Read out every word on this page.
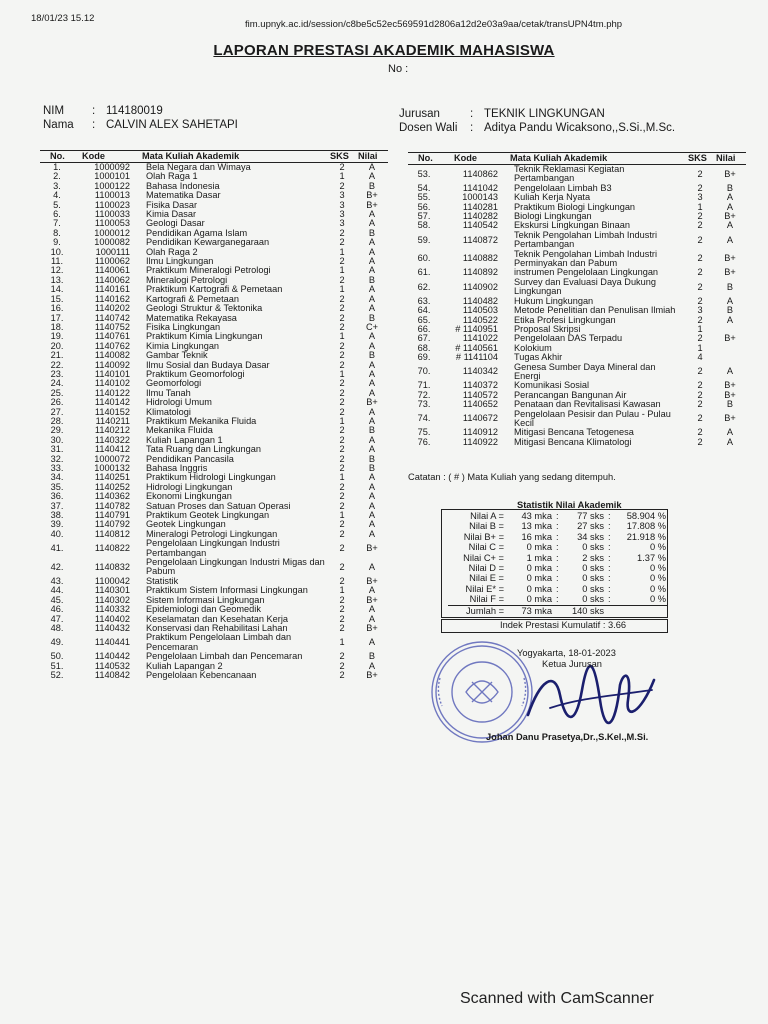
18/01/23 15.12
fim.upnyk.ac.id/session/c8be5c52ec569591d2806a12d2e03a9aa/cetak/transUPN4tm.php
LAPORAN PRESTASI AKADEMIK MAHASISWA
No :
NIM : 114180019
Nama : CALVIN ALEX SAHETAPI
Jurusan	: TEKNIK LINGKUNGAN
Dosen Wali : Aditya Pandu Wicaksono,,S.Si.,M.Sc.
No.	Kode	Mata Kuliah Akademik	SKS	Nilai
1.	1000092	Bela Negara dan Wimaya	2	A
2.	1000101	Olah Raga 1	1	A
3.	1000122	Bahasa Indonesia	2	B
4.	1100013	Matematika Dasar	3	B+
5.	1100023	Fisika Dasar	3	B+
6.	1100033	Kimia Dasar	3	A
7.	1100053	Geologi Dasar	3	A
8.	1000012	Pendidikan Agama Islam	2	B
9.	1000082	Pendidikan Kewarganegaraan	2	A
10.	1000111	Olah Raga 2	1	A
11.	1100062	Ilmu Lingkungan	2	A
12.	1140061	Praktikum Mineralogi Petrologi	1	A
13.	1140062	Mineralogi Petrologi	2	B
14.	1140161	Praktikum Kartografi & Pemetaan	1	A
15.	1140162	Kartografi & Pemetaan	2	A
16.	1140202	Geologi Struktur & Tektonika	2	A
17.	1140742	Matematika Rekayasa	2	B
18.	1140752	Fisika Lingkungan	2	C+
19.	1140761	Praktikum Kimia Lingkungan	1	A
20.	1140762	Kimia Lingkungan	2	A
21.	1140082	Gambar Teknik	2	B
22.	1140092	Ilmu Sosial dan Budaya Dasar	2	A
23.	1140101	Praktikum Geomorfologi	1	A
24.	1140102	Geomorfologi	2	A
25.	1140122	Ilmu Tanah	2	A
26.	1140142	Hidrologi Umum	2	B+
27.	1140152	Klimatologi	2	A
28.	1140211	Praktikum Mekanika Fluida	1	A
29.	1140212	Mekanika Fluida	2	B
30.	1140322	Kuliah Lapangan 1	2	A
31.	1140412	Tata Ruang dan Lingkungan	2	A
32.	1000072	Pendidikan Pancasila	2	B
33.	1000132	Bahasa Inggris	2	B
34.	1140251	Praktikum Hidrologi Lingkungan	1	A
35.	1140252	Hidrologi Lingkungan	2	A
36.	1140362	Ekonomi Lingkungan	2	A
37.	1140782	Satuan Proses dan Satuan Operasi	2	A
38.	1140791	Praktikum Geotek Lingkungan	1	A
39.	1140792	Geotek Lingkungan	2	A
40.	1140812	Mineralogi Petrologi Lingkungan	2	A
41.	1140822	Pengelolaan Lingkungan Industri Pertambangan	2	B+
42.	1140832	Pengelolaan Lingkungan Industri Migas dan Pabum	2	A
43.	1100042	Statistik	2	B+
44.	1140301	Praktikum Sistem Informasi Lingkungan	1	A
45.	1140302	Sistem Informasi Lingkungan	2	B+
46.	1140332	Epidemiologi dan Geomedik	2	A
47.	1140402	Keselamatan dan Kesehatan Kerja	2	A
48.	1140432	Konservasi dan Rehabilitasi Lahan	2	B+
49.	1140441	Praktikum Pengelolaan Limbah dan Pencemaran	1	A
50.	1140442	Pengelolaan Limbah dan Pencemaran	2	B
51.	1140532	Kuliah Lapangan 2	2	A
52.	1140842	Pengelolaan Kebencanaan	2	B+
No.	Kode	Mata Kuliah Akademik	SKS	Nilai
53.	1140862	Teknik Reklamasi Kegiatan Pertambangan	2	B+
54.	1141042	Pengelolaan Limbah B3	2	B
55.	1000143	Kuliah Kerja Nyata	3	A
56.	1140281	Praktikum Biologi Lingkungan	1	A
57.	1140282	Biologi Lingkungan	2	B+
58.	1140542	Ekskursi Lingkungan Binaan	2	A
59.	1140872	Teknik Pengolahan Limbah Industri Pertambangan	2	A
60.	1140882	Teknik Pengolahan Limbah Industri Perminyakan dan Pabum	2	B+
61.	1140892	instrumen Pengelolaan Lingkungan	2	B+
62.	1140902	Survey dan Evaluasi Daya Dukung Lingkungan	2	B
63.	1140482	Hukum Lingkungan	2	A
64.	1140503	Metode Penelitian dan Penulisan Ilmiah	3	B
65.	1140522	Etika Profesi Lingkungan	2	A
66.	# 1140951	Proposal Skripsi	1	
67.	1141022	Pengelolaan DAS Terpadu	2	B+
68.	# 1140561	Kolokium	1	
69.	# 1141104	Tugas Akhir	4	
70.	1140342	Genesa Sumber Daya Mineral dan Energi	2	A
71.	1140372	Komunikasi Sosial	2	B+
72.	1140572	Perancangan Bangunan Air	2	B+
73.	1140652	Penataan dan Revitalisasi Kawasan	2	B
74.	1140672	Pengelolaan Pesisir dan Pulau - Pulau Kecil	2	B+
75.	1140912	Mitigasi Bencana Tetogenesa	2	A
76.	1140922	Mitigasi Bencana Klimatologi	2	A
Catatan : ( # ) Mata Kuliah yang sedang ditempuh.
Statistik Nilai Akademik
Nilai A =	43 mka	:	77 sks	:	58.904 %
Nilai B =	13 mka	:	27 sks	:	17.808 %
Nilai B+ =	16 mka	:	34 sks	:	21.918 %
Nilai C =	0 mka	:	0 sks	:	0 %
Nilai C+ =	1 mka	:	2 sks	:	1.37 %
Nilai D =	0 mka	:	0 sks	:	0 %
Nilai E =	0 mka	:	0 sks	:	0 %
Nilai E* =	0 mka	:	0 sks	:	0 %
Nilai F =	0 mka	:	0 sks	:	0 %
Jumlah =	73 mka		140 sks		
Indek Prestasi Kumulatif : 3.66
Yogyakarta, 18-01-2023
Ketua Jurusan
Johan Danu Prasetya,Dr.,S.Kel.,M.Si.
Scanned with CamScanner
